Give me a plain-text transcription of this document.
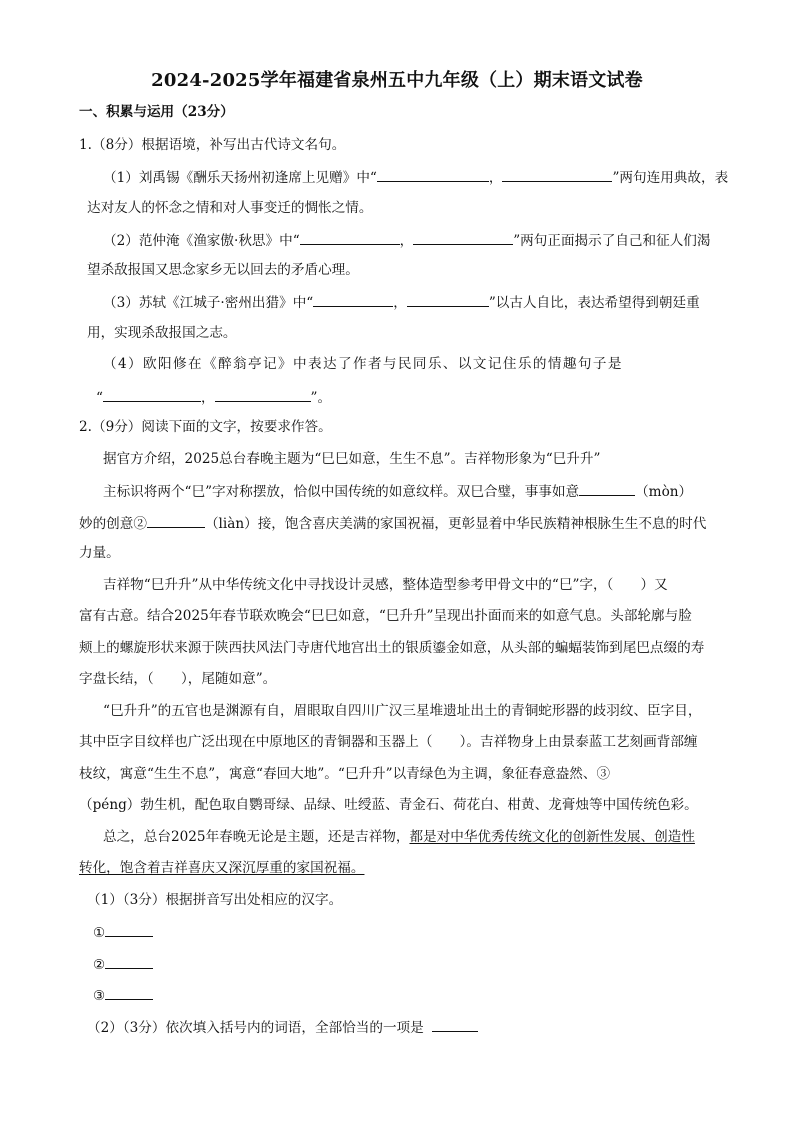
2024-2025学年福建省泉州五中九年级（上）期末语文试卷
一、积累与运用（23分）
1.（8分）根据语境，补写出古代诗文名句。
（1）刘禹锡《酬乐天扬州初逢席上见赠》中“	，	”两句连用典故，表
达对友人的怀念之情和对人事变迁的惆怅之情。
（2）范仲淹《渔家傲·秋思》中“	，	”两句正面揭示了自己和征人们渴
望杀敌报国又思念家乡无以回去的矛盾心理。
（3）苏轼《江城子·密州出猎》中“	，	”以古人自比，表达希望得到朝廷重
用，实现杀敌报国之志。
（4）欧阳修在《醉翁亭记》中表达了作者与民同乐、以文记住乐的情趣句子是
“	，	”。
2.（9分）阅读下面的文字，按要求作答。
据官方介绍，2025总台春晚主题为“巳巳如意，生生不息”。吉祥物形象为“巳升升”
主标识将两个“巳”字对称摆放，恰似中国传统的如意纹样。双巳合璧，事事如意	（mòn）
妙的创意②	（liàn）接，饱含喜庆美满的家国祝福，更彰显着中华民族精神根脉生生不息的时代
力量。
吉祥物“巳升升”从中华传统文化中寻找设计灵感，整体造型参考甲骨文中的“巳”字，（　　）又
富有古意。结合2025年春节联欢晚会“巳巳如意，“巳升升”呈现出扑面而来的如意气息。头部轮廓与脸
颊上的螺旋形状来源于陕西扶风法门寺唐代地宫出土的银质鎏金如意，从头部的蝙蝠装饰到尾巴点缀的寿
字盘长结，（　　），尾随如意”。
“巳升升”的五官也是渊源有自，眉眼取自四川广汉三星堆遗址出土的青铜蛇形器的歧羽纹、臣字目，
其中臣字目纹样也广泛出现在中原地区的青铜器和玉器上（　　）。吉祥物身上由景泰蓝工艺刻画背部缠
枝纹，寓意“生生不息”，寓意“春回大地”。“巳升升”以青绿色为主调，象征春意盎然、③
（péng）勃生机，配色取自鹦哥绿、品绿、吐绶蓝、青金石、荷花白、柑黄、龙膏烛等中国传统色彩。
总之，总台2025年春晚无论是主题，还是吉祥物，都是对中华优秀传统文化的创新性发展、创造性
转化，饱含着吉祥喜庆又深沉厚重的家国祝福。
（1）（3分）根据拼音写出处相应的汉字。
①
②
③
（2）（3分）依次填入括号内的词语，全部恰当的一项是
